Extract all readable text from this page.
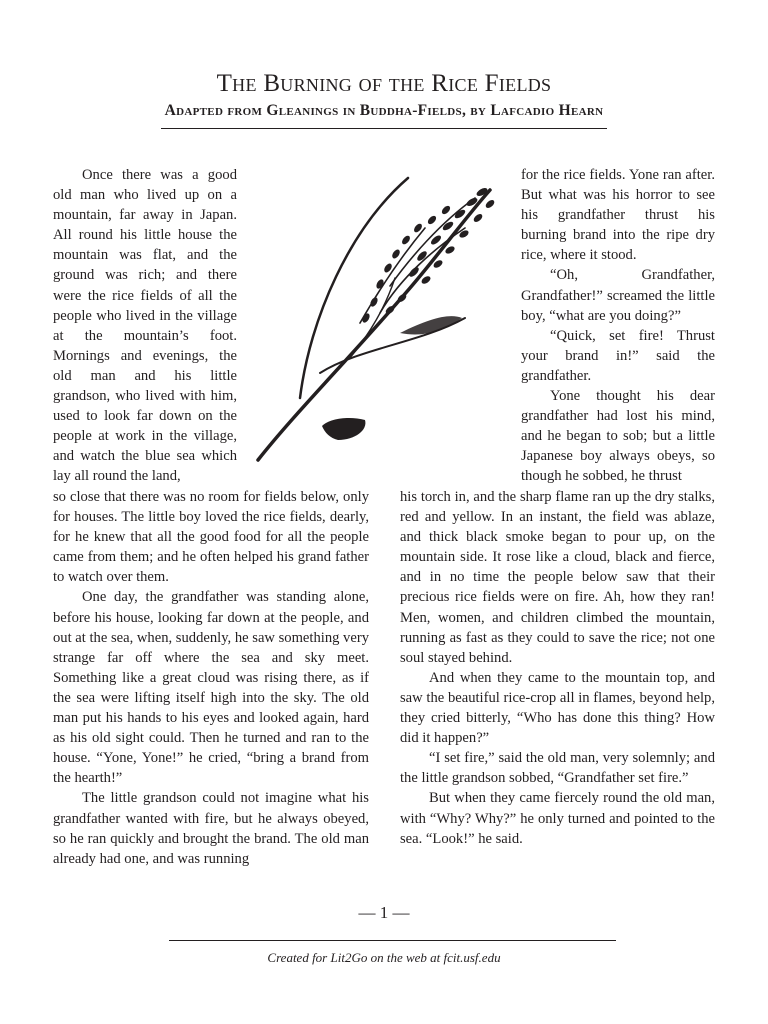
The Burning of the Rice Fields
Adapted from Gleanings in Buddha-Fields, by Lafcadio Hearn

Once there was a good old man who lived up on a mountain, far away in Japan. All round his little house the mountain was flat, and the ground was rich; and there were the rice fields of all the people who lived in the village at the mountain’s foot. Mornings and evenings, the old man and his little grandson, who lived with him, used to look far down on the people at work in the village, and watch the blue sea which lay all round the land,

for the rice fields. Yone ran after. But what was his horror to see his grandfather thrust his burning brand into the ripe dry rice, where it stood.

“Oh, Grandfather, Grandfather!” screamed the little boy, “what are you doing?”

“Quick, set fire! Thrust your brand in!” said the grandfather.

Yone thought his dear grandfather had lost his mind, and he began to sob; but a little Japanese boy always obeys, so though he sobbed, he thrust

so close that there was no room for fields below, only for houses. The little boy loved the rice fields, dearly, for he knew that all the good food for all the people came from them; and he often helped his grand father to watch over them.

One day, the grandfather was standing alone, before his house, looking far down at the people, and out at the sea, when, suddenly, he saw something very strange far off where the sea and sky meet. Something like a great cloud was rising there, as if the sea were lifting itself high into the sky. The old man put his hands to his eyes and looked again, hard as his old sight could. Then he turned and ran to the house. “Yone, Yone!” he cried, “bring a brand from the hearth!”

The little grandson could not imagine what his grandfather wanted with fire, but he always obeyed, so he ran quickly and brought the brand. The old man already had one, and was running

his torch in, and the sharp flame ran up the dry stalks, red and yellow. In an instant, the field was ablaze, and thick black smoke began to pour up, on the mountain side. It rose like a cloud, black and fierce, and in no time the people below saw that their precious rice fields were on fire. Ah, how they ran! Men, women, and children climbed the mountain, running as fast as they could to save the rice; not one soul stayed behind.

And when they came to the mountain top, and saw the beautiful rice-crop all in flames, beyond help, they cried bitterly, “Who has done this thing? How did it happen?”

“I set fire,” said the old man, very solemnly; and the little grandson sobbed, “Grandfather set fire.”

But when they came fiercely round the old man, with “Why? Why?” he only turned and pointed to the sea. “Look!” he said.

— 1 —
Created for Lit2Go on the web at fcit.usf.edu
